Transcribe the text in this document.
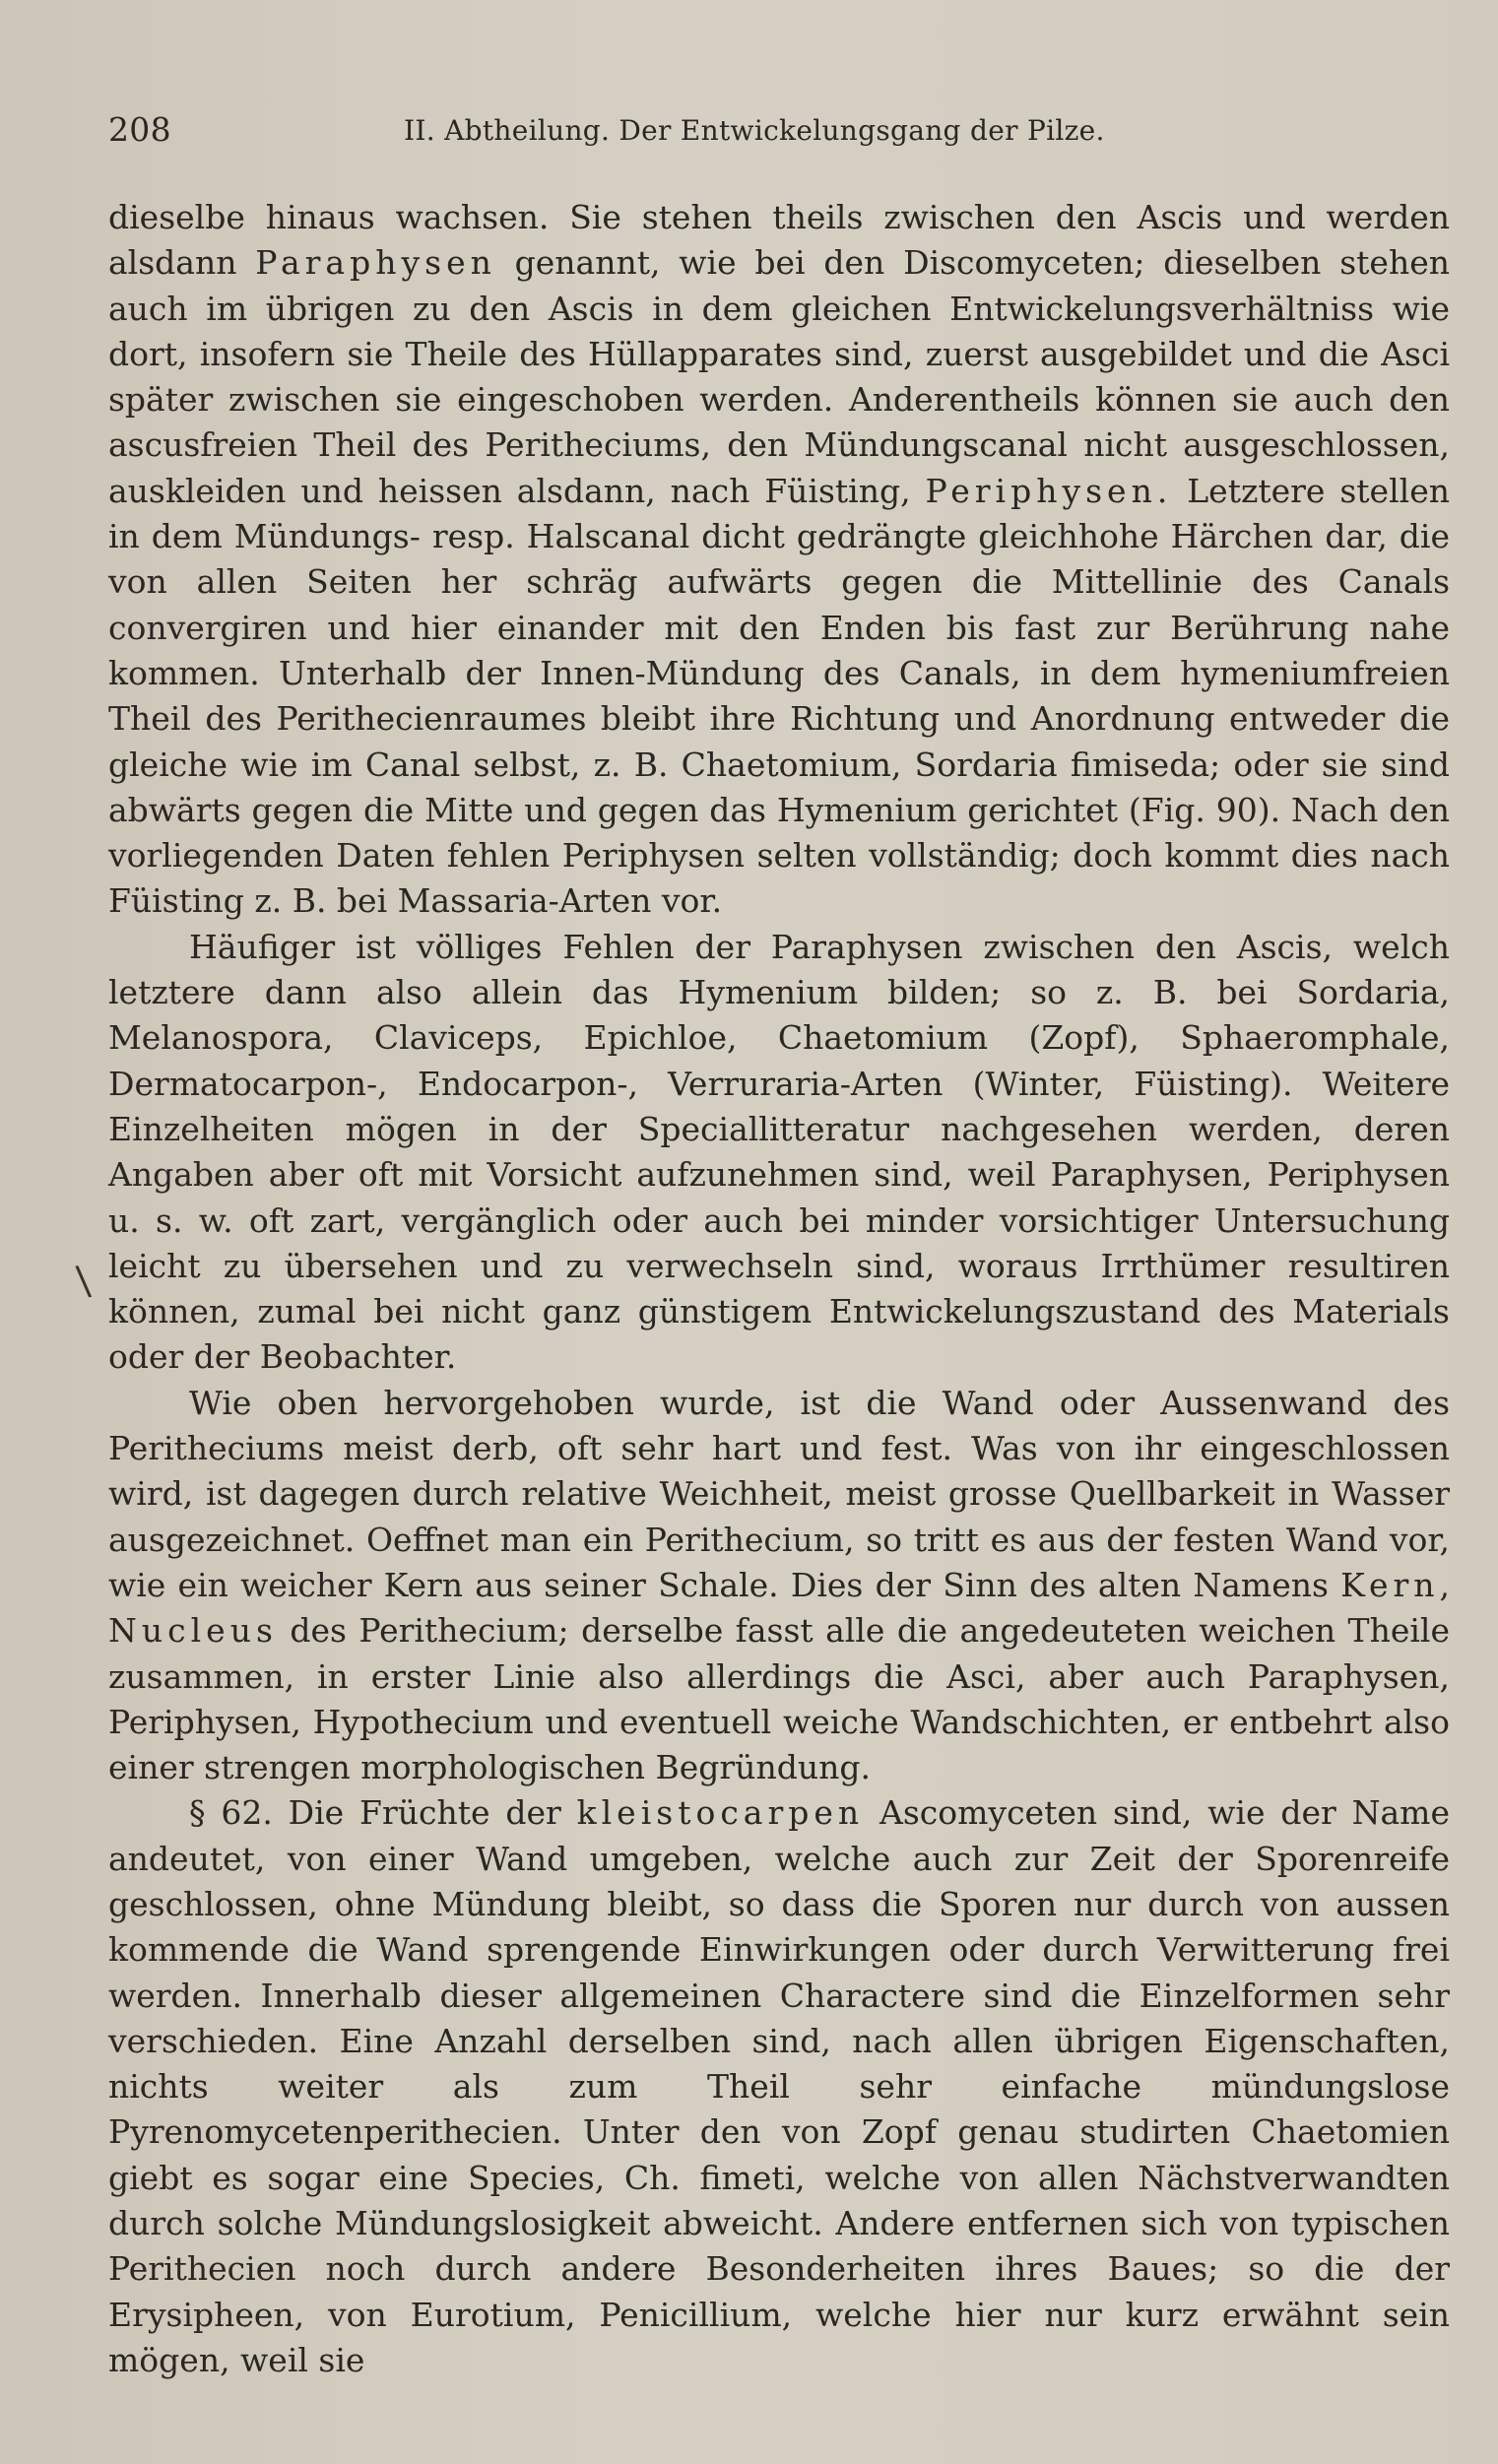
208	II. Abtheilung. Der Entwickelungsgang der Pilze.
\

dieselbe hinaus wachsen. Sie stehen theils zwischen den Ascis und werden alsdann Paraphysen genannt, wie bei den Discomyceten; dieselben stehen auch im übrigen zu den Ascis in dem gleichen Entwickelungsverhältniss wie dort, insofern sie Theile des Hüllapparates sind, zuerst ausgebildet und die Asci später zwischen sie eingeschoben werden. Anderentheils können sie auch den ascusfreien Theil des Peritheciums, den Mündungscanal nicht ausgeschlossen, auskleiden und heissen alsdann, nach Füisting, Periphysen. Letztere stellen in dem Mündungs- resp. Halscanal dicht gedrängte gleichhohe Härchen dar, die von allen Seiten her schräg aufwärts gegen die Mittellinie des Canals convergiren und hier einander mit den Enden bis fast zur Berührung nahe kommen. Unterhalb der Innen-Mündung des Canals, in dem hymeniumfreien Theil des Perithecienraumes bleibt ihre Richtung und Anordnung entweder die gleiche wie im Canal selbst, z. B. Chaetomium, Sordaria fimiseda; oder sie sind abwärts gegen die Mitte und gegen das Hymenium gerichtet (Fig. 90). Nach den vorliegenden Daten fehlen Periphysen selten vollständig; doch kommt dies nach Füisting z. B. bei Massaria-Arten vor.

Häufiger ist völliges Fehlen der Paraphysen zwischen den Ascis, welch letztere dann also allein das Hymenium bilden; so z. B. bei Sordaria, Melanospora, Claviceps, Epichloe, Chaetomium (Zopf), Sphaeromphale, Dermatocarpon-, Endocarpon-, Verruraria-Arten (Winter, Füisting). Weitere Einzelheiten mögen in der Speciallitteratur nachgesehen werden, deren Angaben aber oft mit Vorsicht aufzunehmen sind, weil Paraphysen, Periphysen u. s. w. oft zart, vergänglich oder auch bei minder vorsichtiger Untersuchung leicht zu übersehen und zu verwechseln sind, woraus Irrthümer resultiren können, zumal bei nicht ganz günstigem Entwickelungszustand des Materials oder der Beobachter.

Wie oben hervorgehoben wurde, ist die Wand oder Aussenwand des Peritheciums meist derb, oft sehr hart und fest. Was von ihr eingeschlossen wird, ist dagegen durch relative Weichheit, meist grosse Quellbarkeit in Wasser ausgezeichnet. Oeffnet man ein Perithecium, so tritt es aus der festen Wand vor, wie ein weicher Kern aus seiner Schale. Dies der Sinn des alten Namens Kern, Nucleus des Perithecium; derselbe fasst alle die angedeuteten weichen Theile zusammen, in erster Linie also allerdings die Asci, aber auch Paraphysen, Periphysen, Hypothecium und eventuell weiche Wandschichten, er entbehrt also einer strengen morphologischen Begründung.

§ 62. Die Früchte der kleistocarpen Ascomyceten sind, wie der Name andeutet, von einer Wand umgeben, welche auch zur Zeit der Sporenreife geschlossen, ohne Mündung bleibt, so dass die Sporen nur durch von aussen kommende die Wand sprengende Einwirkungen oder durch Verwitterung frei werden. Innerhalb dieser allgemeinen Charactere sind die Einzelformen sehr verschieden. Eine Anzahl derselben sind, nach allen übrigen Eigenschaften, nichts weiter als zum Theil sehr einfache mündungslose Pyrenomycetenperithecien. Unter den von Zopf genau studirten Chaetomien giebt es sogar eine Species, Ch. fimeti, welche von allen Nächstverwandten durch solche Mündungslosigkeit abweicht. Andere entfernen sich von typischen Perithecien noch durch andere Besonderheiten ihres Baues; so die der Erysipheen, von Eurotium, Penicillium, welche hier nur kurz erwähnt sein mögen, weil sie
